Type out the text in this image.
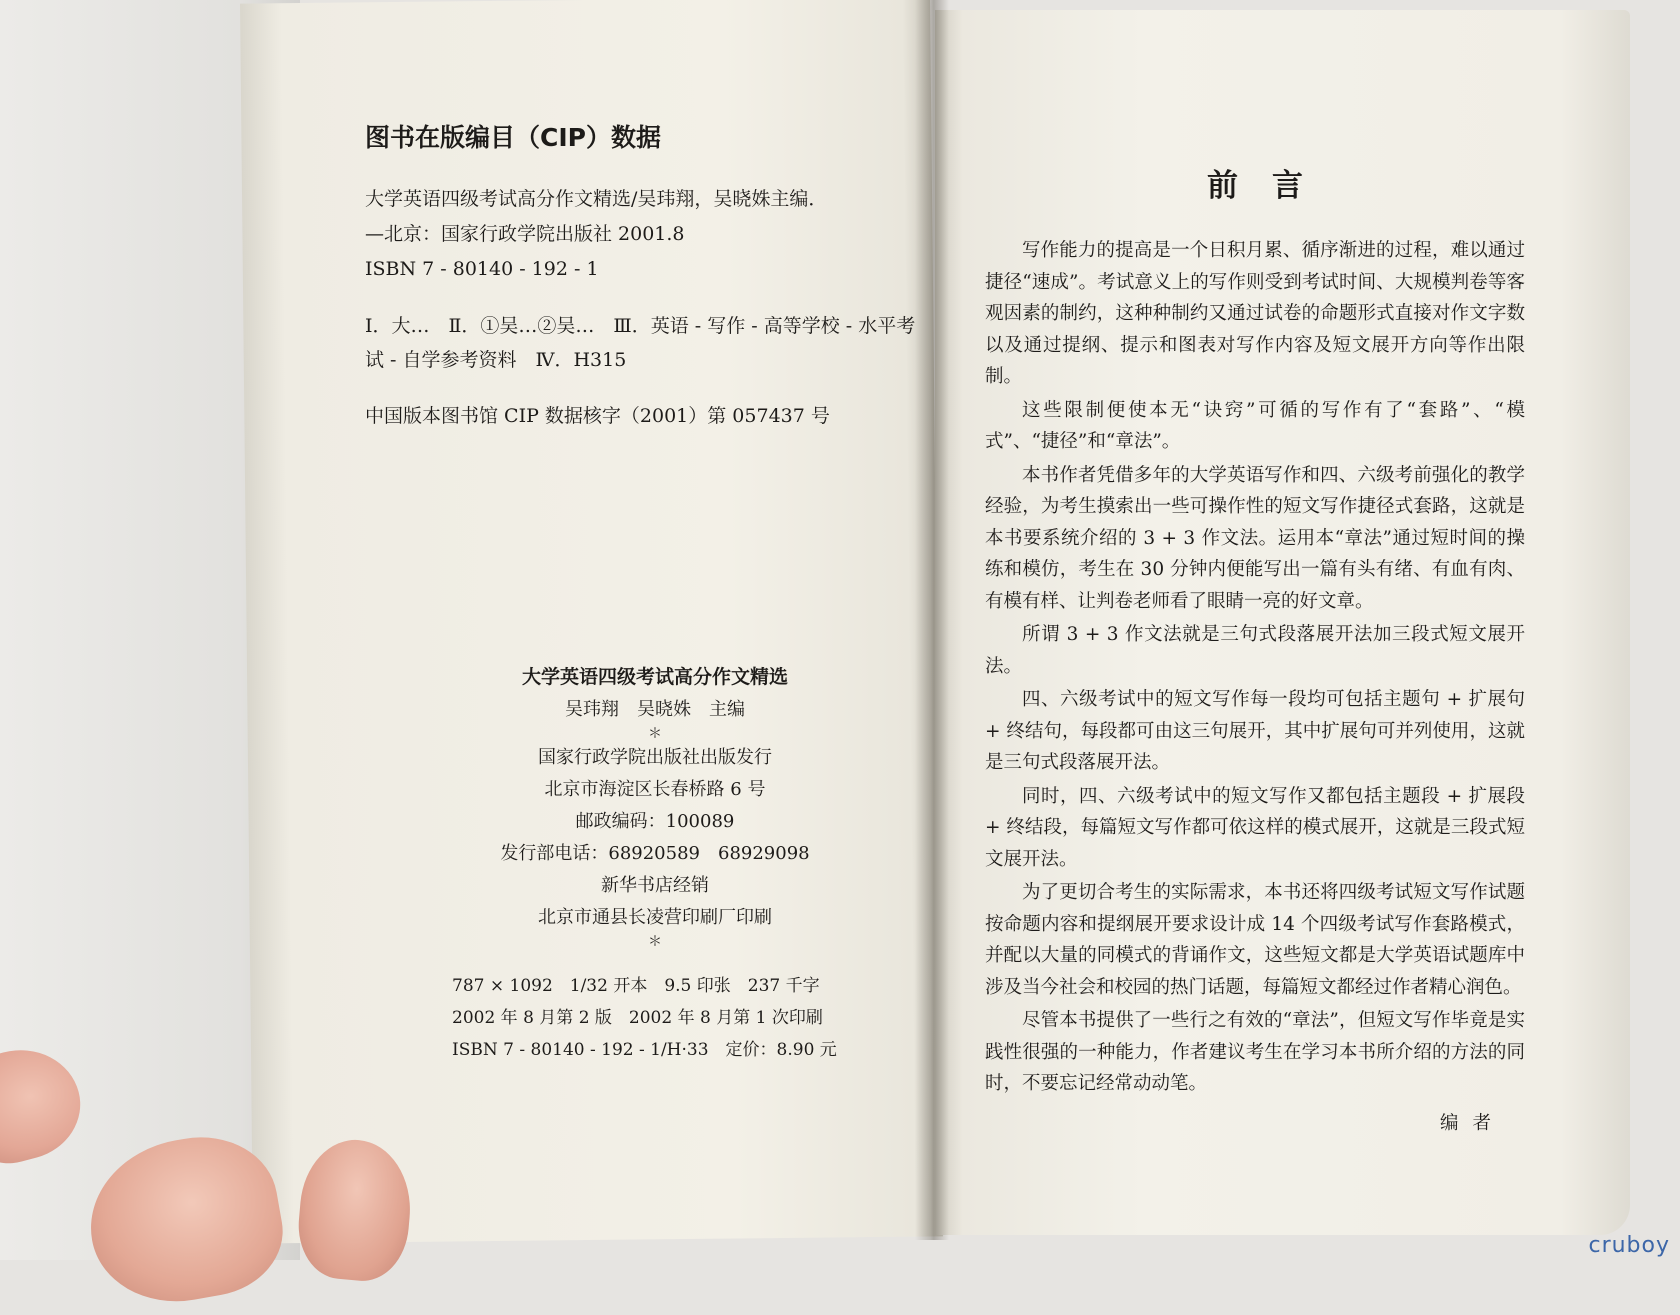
图书在版编目（CIP）数据
大学英语四级考试高分作文精选/吴玮翔，吴晓姝主编．
—北京：国家行政学院出版社 2001.8
ISBN 7 - 80140 - 192 - 1
Ⅰ．大…　Ⅱ．①吴…②吴…　Ⅲ．英语 - 写作 - 高等学校 - 水平考试 - 自学参考资料　Ⅳ．H315
中国版本图书馆 CIP 数据核字（2001）第 057437 号
大学英语四级考试高分作文精选
吴玮翔　吴晓姝　主编
＊
国家行政学院出版社出版发行
北京市海淀区长春桥路 6 号
邮政编码：100089
发行部电话：68920589　68929098
新华书店经销
北京市通县长凌营印刷厂印刷
＊
787 × 1092　1/32 开本　9.5 印张　237 千字
2002 年 8 月第 2 版　2002 年 8 月第 1 次印刷
ISBN 7 - 80140 - 192 - 1/H·33　定价：8.90 元
前言

写作能力的提高是一个日积月累、循序渐进的过程，难以通过捷径“速成”。考试意义上的写作则受到考试时间、大规模判卷等客观因素的制约，这种种制约又通过试卷的命题形式直接对作文字数以及通过提纲、提示和图表对写作内容及短文展开方向等作出限制。

这些限制便使本无“诀窍”可循的写作有了“套路”、“模式”、“捷径”和“章法”。

本书作者凭借多年的大学英语写作和四、六级考前强化的教学经验，为考生摸索出一些可操作性的短文写作捷径式套路，这就是本书要系统介绍的 3 + 3 作文法。运用本“章法”通过短时间的操练和模仿，考生在 30 分钟内便能写出一篇有头有绪、有血有肉、有模有样、让判卷老师看了眼睛一亮的好文章。

所谓 3 + 3 作文法就是三句式段落展开法加三段式短文展开法。

四、六级考试中的短文写作每一段均可包括主题句 + 扩展句 + 终结句，每段都可由这三句展开，其中扩展句可并列使用，这就是三句式段落展开法。

同时，四、六级考试中的短文写作又都包括主题段 + 扩展段 + 终结段，每篇短文写作都可依这样的模式展开，这就是三段式短文展开法。

为了更切合考生的实际需求，本书还将四级考试短文写作试题按命题内容和提纲展开要求设计成 14 个四级考试写作套路模式，并配以大量的同模式的背诵作文，这些短文都是大学英语试题库中涉及当今社会和校园的热门话题，每篇短文都经过作者精心润色。

尽管本书提供了一些行之有效的“章法”，但短文写作毕竟是实践性很强的一种能力，作者建议考生在学习本书所介绍的方法的同时，不要忘记经常动动笔。

编者
cruboy
